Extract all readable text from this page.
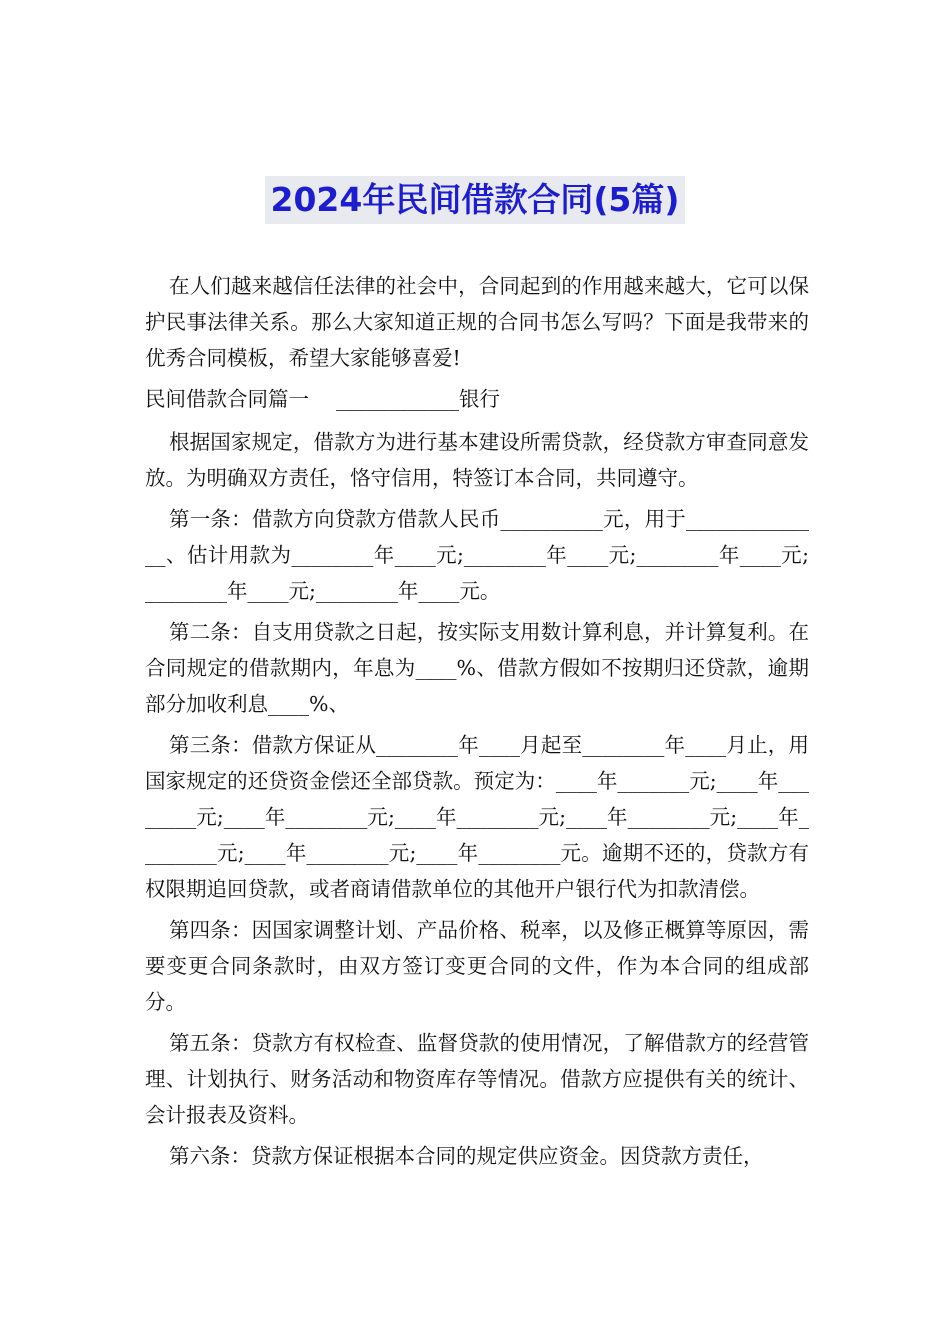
2024年民间借款合同(5篇)

在人们越来越信任法律的社会中，合同起到的作用越来越大，它可以保护民事法律关系。那么大家知道正规的合同书怎么写吗？下面是我带来的优秀合同模板，希望大家能够喜爱!

民间借款合同篇一　 ____________银行

根据国家规定，借款方为进行基本建设所需贷款，经贷款方审查同意发放。为明确双方责任，恪守信用，特签订本合同，共同遵守。

第一条：借款方向贷款方借款人民币__________元，用于______________、估计用款为________年____元;________年____元;________年____元;________年____元;________年____元。

第二条：自支用贷款之日起，按实际支用数计算利息，并计算复利。在合同规定的借款期内，年息为____%、借款方假如不按期归还贷款，逾期部分加收利息____%、

第三条：借款方保证从________年____月起至________年____月止，用国家规定的还贷资金偿还全部贷款。预定为：____年_______元;____年________元;____年________元;____年________元;____年________元;____年________元;____年________元;____年________元。逾期不还的，贷款方有权限期追回贷款，或者商请借款单位的其他开户银行代为扣款清偿。

第四条：因国家调整计划、产品价格、税率，以及修正概算等原因，需要变更合同条款时，由双方签订变更合同的文件，作为本合同的组成部分。

第五条：贷款方有权检查、监督贷款的使用情况，了解借款方的经营管理、计划执行、财务活动和物资库存等情况。借款方应提供有关的统计、会计报表及资料。

第六条：贷款方保证根据本合同的规定供应资金。因贷款方责任，
